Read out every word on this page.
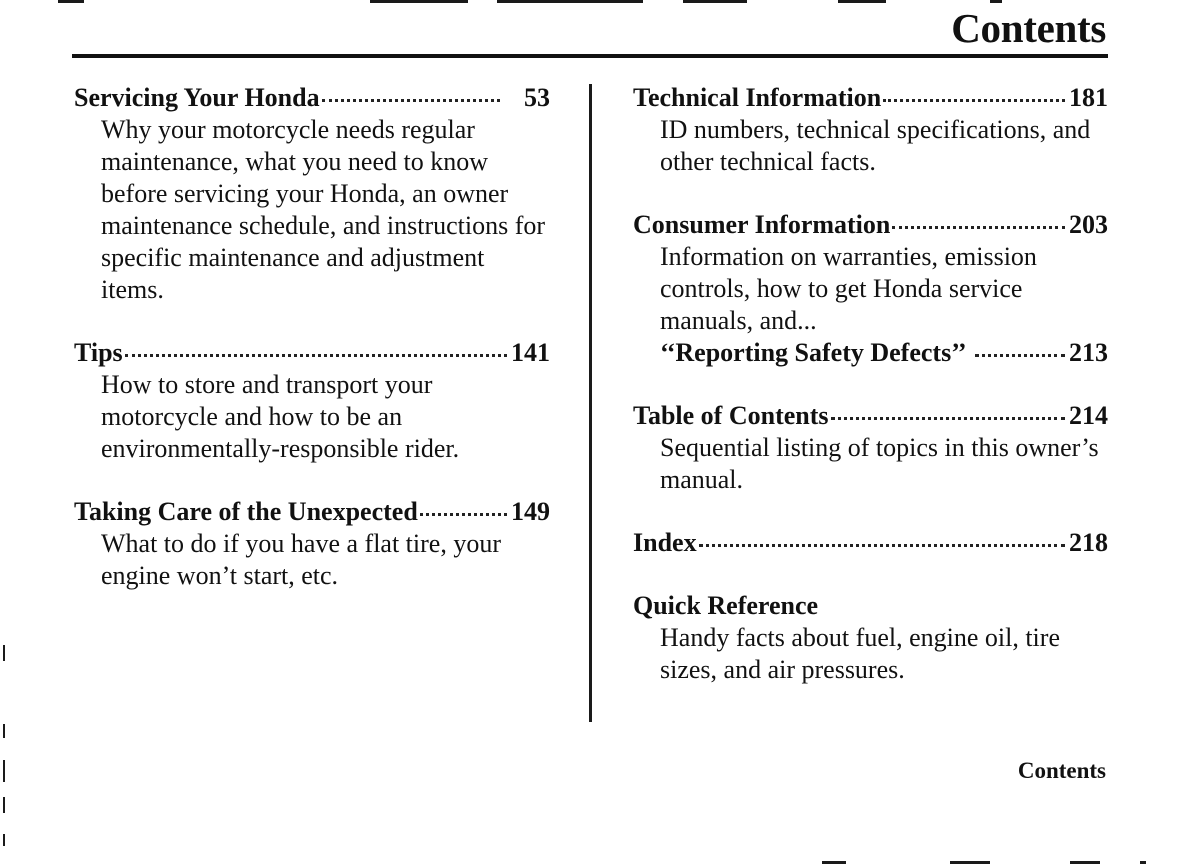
Contents
Servicing Your Honda	53

Why your motorcycle needs regular maintenance, what you need to know before servicing your Honda, an owner maintenance schedule, and instructions for specific maintenance and adjustment items.

Tips	141

How to store and transport your motorcycle and how to be an environmentally-responsible rider.

Taking Care of the Unexpected	149

What to do if you have a flat tire, your engine won’t start, etc.

Technical Information	181

ID numbers, technical specifications, and other technical facts.

Consumer Information	203

Information on warranties, emission controls, how to get Honda service manuals, and...

‘‘Reporting Safety Defects’’	213
Table of Contents	214

Sequential listing of topics in this owner’s manual.

Index	218
Quick Reference

Handy facts about fuel, engine oil, tire sizes, and air pressures.

Contents
